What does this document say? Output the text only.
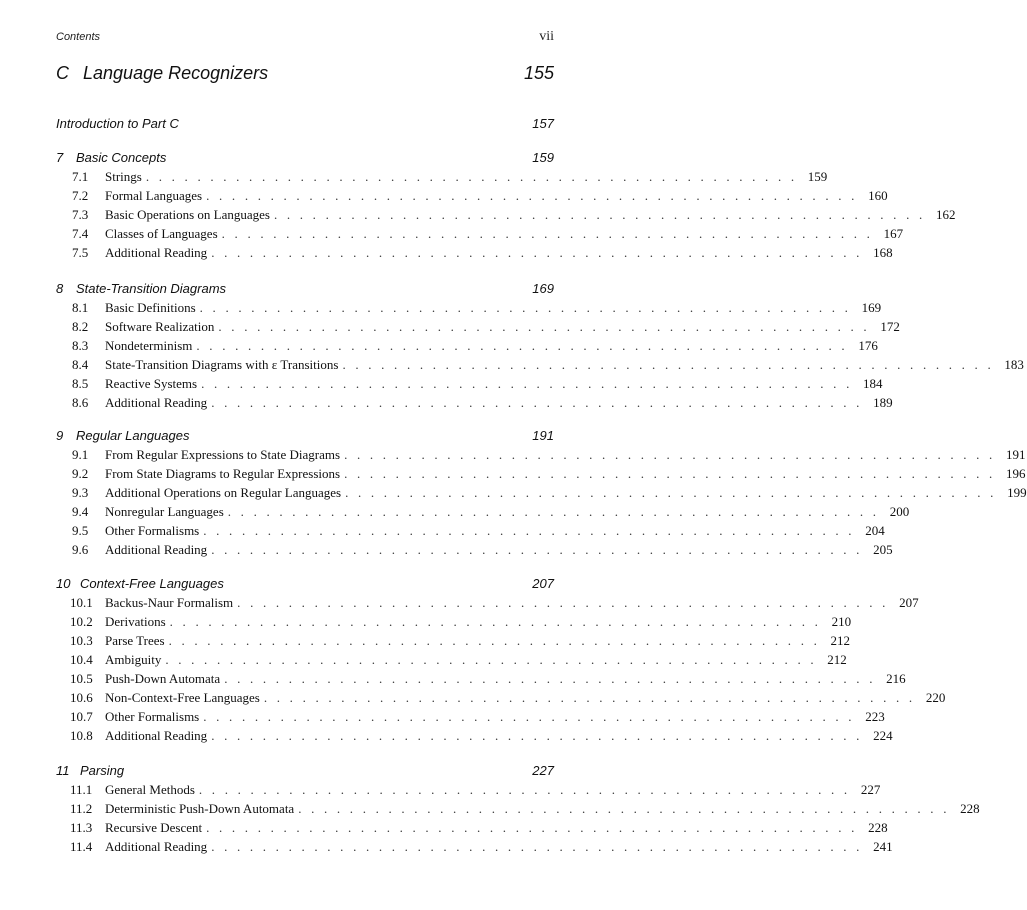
Contents	vii
C Language Recognizers	155
Introduction to Part C	157
7 Basic Concepts	159
7.1	Strings . . . . . . . . . . . . . . . . . . . . . . . . . . . . . . . . . . . . . . . . . . . . . . . . . . . 159
7.2	Formal Languages . . . . . . . . . . . . . . . . . . . . . . . . . . . . . . . . . . . . . . . . . . . . . . . . . . . 160
7.3	Basic Operations on Languages . . . . . . . . . . . . . . . . . . . . . . . . . . . . . . . . . . . . . . . . . . . . . . . . . . . 162
7.4	Classes of Languages . . . . . . . . . . . . . . . . . . . . . . . . . . . . . . . . . . . . . . . . . . . . . . . . . . . 167
7.5	Additional Reading . . . . . . . . . . . . . . . . . . . . . . . . . . . . . . . . . . . . . . . . . . . . . . . . . . . 168
8 State-Transition Diagrams	169
8.1	Basic Definitions . . . . . . . . . . . . . . . . . . . . . . . . . . . . . . . . . . . . . . . . . . . . . . . . . . . 169
8.2	Software Realization . . . . . . . . . . . . . . . . . . . . . . . . . . . . . . . . . . . . . . . . . . . . . . . . . . . 172
8.3	Nondeterminism . . . . . . . . . . . . . . . . . . . . . . . . . . . . . . . . . . . . . . . . . . . . . . . . . . . 176
8.4	State-Transition Diagrams with ε Transitions . . . . . . . . . . . . . . . . . . . . . . . . . . . . . . . . . . . . . . . . . . . . . . . . . . . 183
8.5	Reactive Systems . . . . . . . . . . . . . . . . . . . . . . . . . . . . . . . . . . . . . . . . . . . . . . . . . . . 184
8.6	Additional Reading . . . . . . . . . . . . . . . . . . . . . . . . . . . . . . . . . . . . . . . . . . . . . . . . . . . 189
9 Regular Languages	191
9.1	From Regular Expressions to State Diagrams . . . . . . . . . . . . . . . . . . . . . . . . . . . . . . . . . . . . . . . . . . . . . . . . . . . 191
9.2	From State Diagrams to Regular Expressions . . . . . . . . . . . . . . . . . . . . . . . . . . . . . . . . . . . . . . . . . . . . . . . . . . . 196
9.3	Additional Operations on Regular Languages . . . . . . . . . . . . . . . . . . . . . . . . . . . . . . . . . . . . . . . . . . . . . . . . . . . 199
9.4	Nonregular Languages . . . . . . . . . . . . . . . . . . . . . . . . . . . . . . . . . . . . . . . . . . . . . . . . . . . 200
9.5	Other Formalisms . . . . . . . . . . . . . . . . . . . . . . . . . . . . . . . . . . . . . . . . . . . . . . . . . . . 204
9.6	Additional Reading . . . . . . . . . . . . . . . . . . . . . . . . . . . . . . . . . . . . . . . . . . . . . . . . . . . 205
10 Context-Free Languages	207
10.1 Backus-Naur Formalism . . . . . . . . . . . . . . . . . . . . . . . . . . . . . . . . . . . . . . . . . . . . . . . . . . . 207
10.2 Derivations . . . . . . . . . . . . . . . . . . . . . . . . . . . . . . . . . . . . . . . . . . . . . . . . . . . 210
10.3 Parse Trees . . . . . . . . . . . . . . . . . . . . . . . . . . . . . . . . . . . . . . . . . . . . . . . . . . . 212
10.4 Ambiguity . . . . . . . . . . . . . . . . . . . . . . . . . . . . . . . . . . . . . . . . . . . . . . . . . . . 212
10.5 Push-Down Automata . . . . . . . . . . . . . . . . . . . . . . . . . . . . . . . . . . . . . . . . . . . . . . . . . . . 216
10.6 Non-Context-Free Languages . . . . . . . . . . . . . . . . . . . . . . . . . . . . . . . . . . . . . . . . . . . . . . . . . . . 220
10.7 Other Formalisms . . . . . . . . . . . . . . . . . . . . . . . . . . . . . . . . . . . . . . . . . . . . . . . . . . . 223
10.8 Additional Reading . . . . . . . . . . . . . . . . . . . . . . . . . . . . . . . . . . . . . . . . . . . . . . . . . . . 224
11 Parsing	227
11.1 General Methods . . . . . . . . . . . . . . . . . . . . . . . . . . . . . . . . . . . . . . . . . . . . . . . . . . . 227
11.2 Deterministic Push-Down Automata . . . . . . . . . . . . . . . . . . . . . . . . . . . . . . . . . . . . . . . . . . . . . . . . . . . 228
11.3 Recursive Descent . . . . . . . . . . . . . . . . . . . . . . . . . . . . . . . . . . . . . . . . . . . . . . . . . . . 228
11.4 Additional Reading . . . . . . . . . . . . . . . . . . . . . . . . . . . . . . . . . . . . . . . . . . . . . . . . . . . 241
